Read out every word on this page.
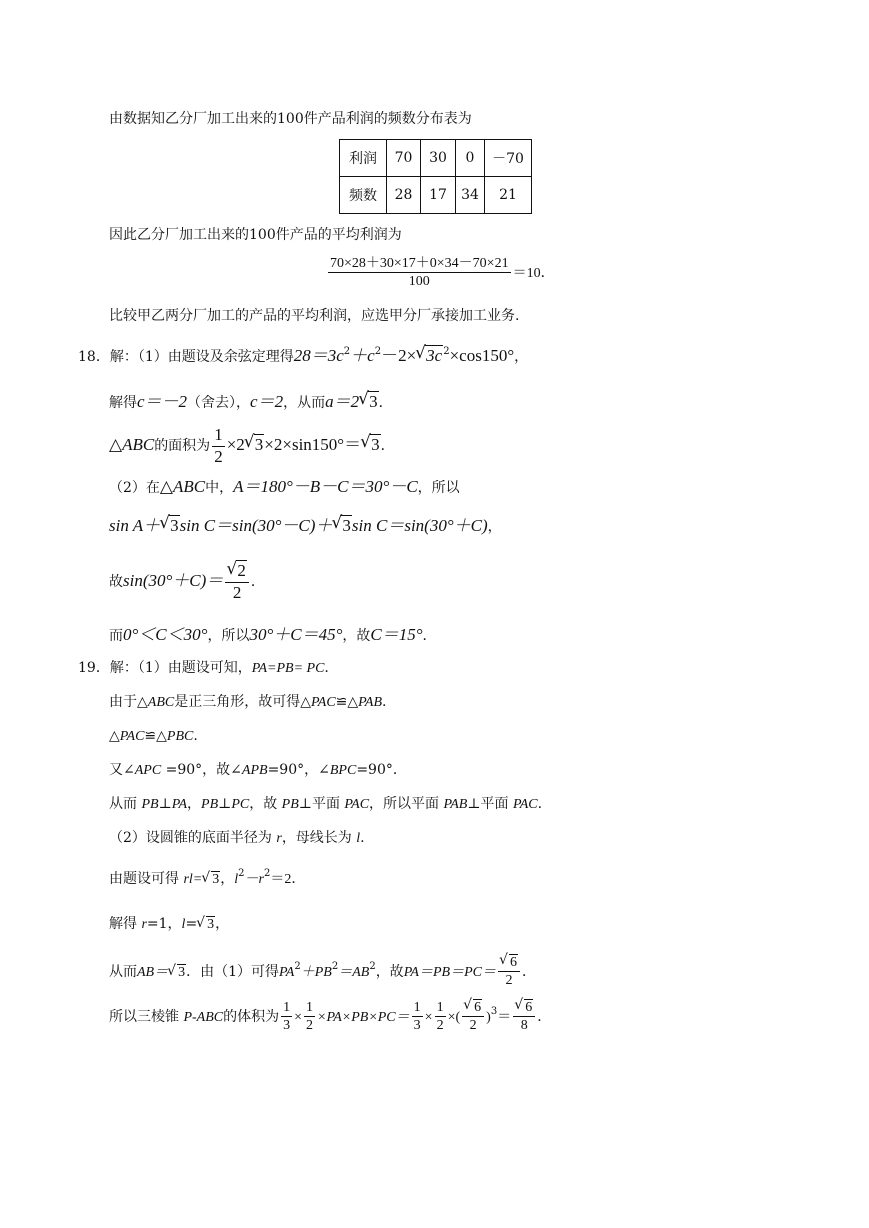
由数据知乙分厂加工出来的100件产品利润的频数分布表为
利润	70	30	0	－70
频数	28	17	34	21
因此乙分厂加工出来的100件产品的平均利润为
$\frac{70\times 28+30\times 17+0\times 34-70\times 21}{100} =10$．
比较甲乙两分厂加工的产品的平均利润，应选甲分厂承接加工业务.
18．解：（1）由题设及余弦定理得$28=3c^2+c^2-2\times$ √ $3c^2\times\cos 150^\circ$，
解得c＝－2（舍去），c＝2，从而a＝2 √ 3．
△ABC的面积为 $\frac{1}{2} \times 2$ √ 3×2×sin150°＝ √ 3．
（2）在△ABC中，A＝180°－B－C＝30°－C，所以
sin A＋ √ 3sin C＝sin(30°－C)＋ √ 3sin C＝sin(30°＋C)，
故sin(30°＋C)＝ √ $\frac{2}{2}$ ．
而0°＜C＜30°，所以30°＋C＝45°，故C＝15°．
19．解：（1）由题设可知，PA=PB= PC.
由于△ABC是正三角形，故可得△PAC≌△PAB.
△PAC≌△PBC.
又∠APC =90°，故∠APB=90°，∠BPC=90°．
从而 PB⊥PA，PB⊥PC，故 PB⊥平面 PAC，所以平面 PAB⊥平面 PAC.
（2）设圆锥的底面半径为 r，母线长为 l.
由题设可得 rl= √ 3，$l^2-r^2=2$．
解得 r=1，l= √ 3，
从而AB＝ √ 3．由（1）可得$PA^2+PB^2=AB^2$，故PA＝PB＝PC＝ √ $\frac{6}{2}$ ．
所以三棱锥 P-ABC的体积为 $\frac{1}{3} \times \frac{1}{2} \times PA\times PB\times PC= \frac{1}{3} \times \frac{1}{2}$ ×( √ $\frac{6}{2} )^3=$ √ $\frac{6}{8}$ ．
